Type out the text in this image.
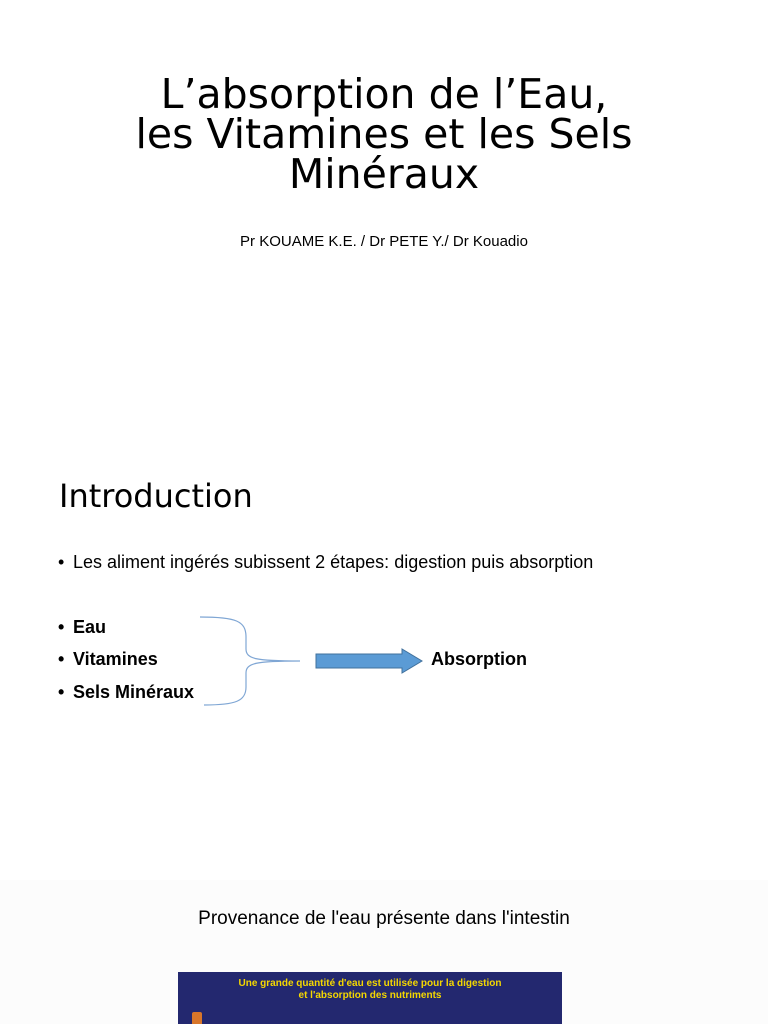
L’absorption de l’Eau,
les Vitamines et les Sels
Minéraux

Pr KOUAME K.E. / Dr PETE Y./ Dr Kouadio

Introduction
• Les aliment ingérés subissent 2 étapes: digestion puis absorption
• Eau
• Vitamines
• Sels Minéraux
Absorption

Provenance de l'eau présente dans l'intestin

Une grande quantité d'eau est utilisée pour la digestion
et l'absorption des nutriments
